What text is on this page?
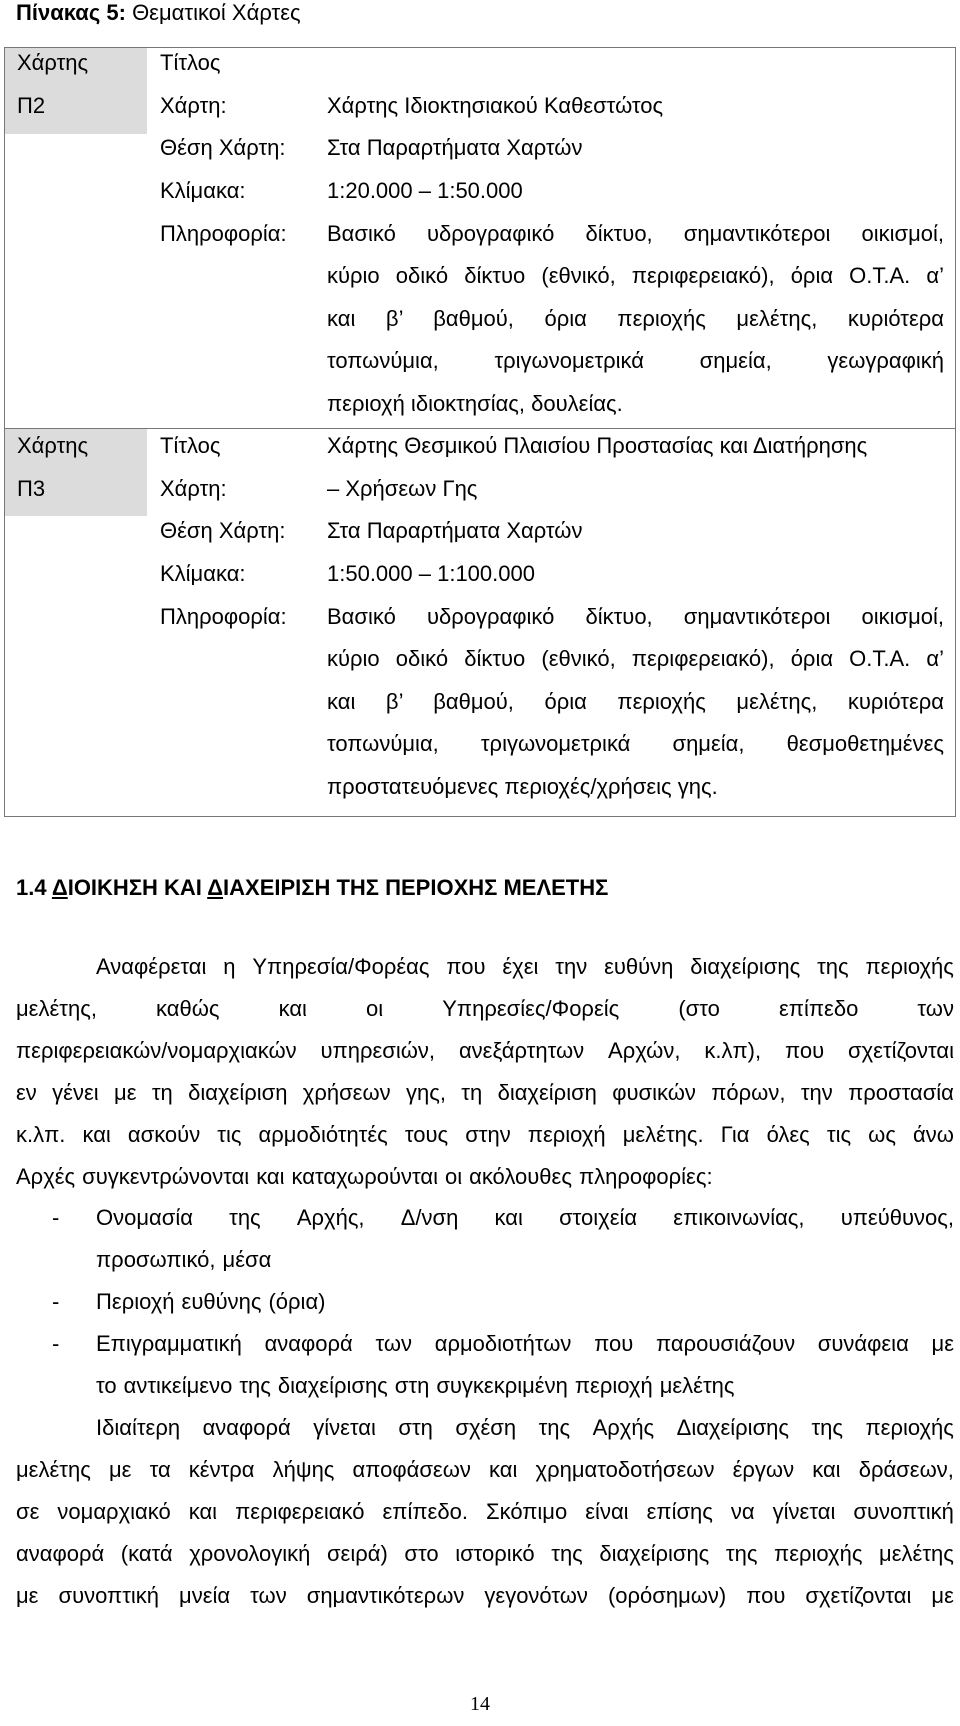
Πίνακας 5: Θεματικοί Χάρτες
Χάρτης
Π2
Τίτλος
Χάρτη:	Χάρτης Ιδιοκτησιακού Καθεστώτος
Θέση Χάρτη: Στα Παραρτήματα Χαρτών
Κλίμακα:	1:20.000 – 1:50.000
Πληροφορία: Βασικό υδρογραφικό δίκτυο, σημαντικότεροι οικισμοί,
κύριο οδικό δίκτυο (εθνικό, περιφερειακό), όρια Ο.Τ.Α. α’
και β’ βαθμού, όρια περιοχής μελέτης, κυριότερα
τοπωνύμια, τριγωνομετρικά σημεία, γεωγραφική
περιοχή ιδιοκτησίας, δουλείας.
Χάρτης
Π3
Τίτλος	Χάρτης Θεσμικού Πλαισίου Προστασίας και Διατήρησης
Χάρτη:	– Χρήσεων Γης
Θέση Χάρτη: Στα Παραρτήματα Χαρτών
Κλίμακα:	1:50.000 – 1:100.000
Πληροφορία: Βασικό υδρογραφικό δίκτυο, σημαντικότεροι οικισμοί,
κύριο οδικό δίκτυο (εθνικό, περιφερειακό), όρια Ο.Τ.Α. α’
και β’ βαθμού, όρια περιοχής μελέτης, κυριότερα
τοπωνύμια, τριγωνομετρικά σημεία, θεσμοθετημένες
προστατευόμενες περιοχές/χρήσεις γης.
1.4 ΔΙΟΙΚΗΣΗ ΚΑΙ ΔΙΑΧΕΙΡΙΣΗ ΤΗΣ ΠΕΡΙΟΧΗΣ ΜΕΛΕΤΗΣ
Αναφέρεται η Υπηρεσία/Φορέας που έχει την ευθύνη διαχείρισης της περιοχής
μελέτης,	καθώς	και	οι	Υπηρεσίες/Φορείς	(στο	επίπεδο	των
περιφερειακών/νομαρχιακών υπηρεσιών, ανεξάρτητων Αρχών, κ.λπ), που σχετίζονται
εν γένει με τη διαχείριση χρήσεων γης, τη διαχείριση φυσικών πόρων, την προστασία
κ.λπ. και ασκούν τις αρμοδιότητές τους στην περιοχή μελέτης. Για όλες τις ως άνω
Αρχές συγκεντρώνονται και καταχωρούνται οι ακόλουθες πληροφορίες:
- Ονομασία της Αρχής, Δ/νση και στοιχεία επικοινωνίας, υπεύθυνος,
προσωπικό, μέσα
- Περιοχή ευθύνης (όρια)
- Επιγραμματική αναφορά των αρμοδιοτήτων που παρουσιάζουν συνάφεια με
το αντικείμενο της διαχείρισης στη συγκεκριμένη περιοχή μελέτης
Ιδιαίτερη αναφορά γίνεται στη σχέση της Αρχής Διαχείρισης της περιοχής
μελέτης με τα κέντρα λήψης αποφάσεων και χρηματοδοτήσεων έργων και δράσεων,
σε νομαρχιακό και περιφερειακό επίπεδο. Σκόπιμο είναι επίσης να γίνεται συνοπτική
αναφορά (κατά χρονολογική σειρά) στο ιστορικό της διαχείρισης της περιοχής μελέτης
με συνοπτική μνεία των σημαντικότερων γεγονότων (ορόσημων) που σχετίζονται με
14
